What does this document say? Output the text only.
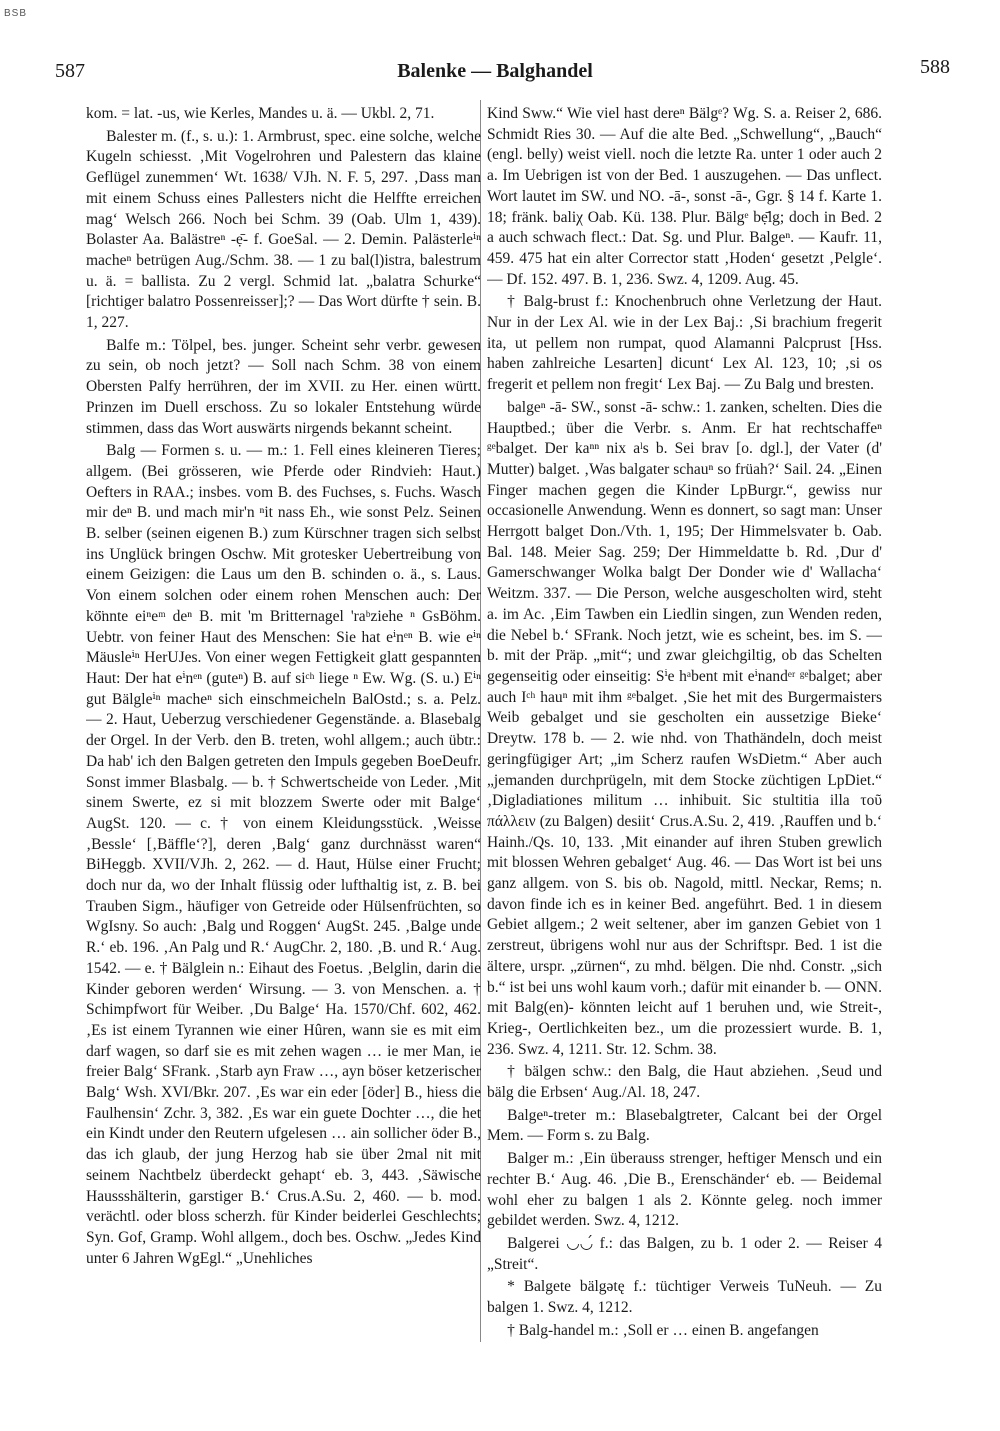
BSB
587	Balenke — Balghandel	588

kom. = lat. -us, wie Kerles, Mandes u. ä. — Ukbl. 2, 71.

Balester m. (f., s. u.): 1. Armbrust, spec. eine solche, welche Kugeln schiesst. ‚Mit Vogelrohren und Palestern das klaine Geflügel zunemmen‘ Wt. 1638/ VJh. N. F. 5, 297. ‚Dass man mit einem Schuss eines Pallesters nicht die Helffte erreichen mag‘ Welsch 266. Noch bei Schm. 39 (Oab. Ulm 1, 439). Bolaster Aa. Balästreⁿ -ẹ̄- f. GoeSal. — 2. Demin. Palästerleⁱⁿ macheⁿ betrügen Aug./Schm. 38. — 1 zu bal(l)istra, balestrum u. ä. = ballista. Zu 2 vergl. Schmid lat. „balatra Schurke“ [richtiger balatro Possenreisser];? — Das Wort dürfte † sein. B. 1, 227.

Balfe m.: Tölpel, bes. junger. Scheint sehr verbr. gewesen zu sein, ob noch jetzt? — Soll nach Schm. 38 von einem Obersten Palfy herrühren, der im XVII. zu Her. einen württ. Prinzen im Duell erschoss. Zu so lokaler Entstehung würde stimmen, dass das Wort auswärts nirgends bekannt scheint.

Balg — Formen s. u. — m.: 1. Fell eines kleineren Tieres; allgem. (Bei grösseren, wie Pferde oder Rindvieh: Haut.) Oefters in RAA.; insbes. vom B. des Fuchses, s. Fuchs. Wasch mir deⁿ B. und mach mir'n ⁿit nass Eh., wie sonst Pelz. Seinen B. selber (seinen eigenen B.) zum Kürschner tragen sich selbst ins Unglück bringen Oschw. Mit grotesker Uebertreibung von einem Geizigen: die Laus um den B. schinden o. ä., s. Laus. Von einem solchen oder einem rohen Menschen auch: Der kö̈nnte eiⁿeᵐ deⁿ B. mit 'm Britternagel 'raᵇziehe ⁿ GsBöhm. Uebtr. von feiner Haut des Menschen: Sie hat eⁱnᵉⁿ B. wie eⁱⁿ Mäusleⁱⁿ HerUJes. Von einer wegen Fettigkeit glatt gespannten Haut: Der hat eⁱnᵉⁿ (guteⁿ) B. auf siᶜʰ liege ⁿ Ew. Wg. (S. u.) Eⁱⁿ gut Bälgleⁱⁿ macheⁿ sich einschmeicheln BalOstd.; s. a. Pelz. — 2. Haut, Ueberzug verschiedener Gegenstände. a. Blasebalg der Orgel. In der Verb. den B. treten, wohl allgem.; auch übtr.: Da hab' ich den Balgen getreten den Impuls gegeben BoeDeufr. Sonst immer Blasbalg. — b. † Schwertscheide von Leder. ‚Mit sinem Swerte, ez si mit blozzem Swerte oder mit Balge‘ AugSt. 120. — c. † von einem Kleidungsstück. ‚Weisse ‚Bessle‘ [‚Bäffle‘?], deren ‚Balg‘ ganz durchnässt waren“ BiHeggb. XVII/VJh. 2, 262. — d. Haut, Hülse einer Frucht; doch nur da, wo der Inhalt flüssig oder lufthaltig ist, z. B. bei Trauben Sigm., häufiger von Getreide oder Hülsenfrüchten, so WgIsny. So auch: ‚Balg und Roggen‘ AugSt. 245. ‚Balge unde R.‘ eb. 196. ‚An Palg und R.‘ AugChr. 2, 180. ‚B. und R.‘ Aug. 1542. — e. † Bälglein n.: Eihaut des Foetus. ‚Belglin, darin die Kinder geboren werden‘ Wirsung. — 3. von Menschen. a. † Schimpfwort für Weiber. ‚Du Balge‘ Ha. 1570/Chf. 602, 462. ‚Es ist einem Tyrannen wie einer Hûren, wann sie es mit eim darf wagen, so darf sie es mit zehen wagen … ie mer Man, ie freier Balg‘ SFrank. ‚Starb ayn Fraw …, ayn böser ketzerischer Balg‘ Wsh. XVI/Bkr. 207. ‚Es war ein eder [öder] B., hiess die Faulhensin‘ Zchr. 3, 382. ‚Es war ein guete Dochter …, die het ein Kindt under den Reutern ufgelesen … ain sollicher öder B., das ich glaub, der jung Herzog hab sie über 2mal nit mit seinem Nachtbelz überdeckt gehapt‘ eb. 3, 443. ‚Säwische Haussshälterin, garstiger B.‘ Crus.A.Su. 2, 460. — b. mod. verächtl. oder bloss scherzh. für Kinder beiderlei Geschlechts; Syn. Gof, Gramp. Wohl allgem., doch bes. Oschw. „Jedes Kind unter 6 Jahren WgEgl.“ „Unehliches

Kind Sww.“ Wie viel hast dereⁿ Bälgᵉ? Wg. S. a. Reiser 2, 686. Schmidt Ries 30. — Auf die alte Bed. „Schwellung“, „Bauch“ (engl. belly) weist viell. noch die letzte Ra. unter 1 oder auch 2 a. Im Uebrigen ist von der Bed. 1 auszugehen. — Das unflect. Wort lautet im SW. und NO. -ā-, sonst -ā-, Ggr. § 14 f. Karte 1. 18; fränk. baliχ Oab. Kü. 138. Plur. Bälgᵉ bẹ̄lg; doch in Bed. 2 a auch schwach flect.: Dat. Sg. und Plur. Balgeⁿ. — Kaufr. 11, 459. 475 hat ein alter Corrector statt ‚Hoden‘ gesetzt ‚Pelgle‘. — Df. 152. 497. B. 1, 236. Swz. 4, 1209. Aug. 45.

† Balg-brust f.: Knochenbruch ohne Verletzung der Haut. Nur in der Lex Al. wie in der Lex Baj.: ‚Si brachium fregerit ita, ut pellem non rumpat, quod Alamanni Palcprust [Hss. haben zahlreiche Lesarten] dicunt‘ Lex Al. 123, 10; ‚si os fregerit et pellem non fregit‘ Lex Baj. — Zu Balg und bresten.

balgeⁿ -ā- SW., sonst -ā- schw.: 1. zanken, schelten. Dies die Hauptbed.; über die Verbr. s. Anm. Er hat rechtschaffeⁿ ᵍᵉbalget. Der kaⁿⁿ nix aˡs b. Sei brav [o. dgl.], der Vater (d' Mutter) balget. ‚Was balgater schauⁿ so früah?‘ Sail. 24. „Einen Finger machen gegen die Kinder LpBurgr.“, gewiss nur occasionelle Anwendung. Wenn es donnert, so sagt man: Unser Herrgott balget Don./Vth. 1, 195; Der Himmelsvater b. Oab. Bal. 148. Meier Sag. 259; Der Himmeldatte b. Rd. ‚Dur d' Gamerschwanger Wolka balgt Der Donder wie d' Wallacha‘ Weitzm. 337. — Die Person, welche ausgescholten wird, steht a. im Ac. ‚Eim Tawben ein Liedlin singen, zun Wenden reden, die Nebel b.‘ SFrank. Noch jetzt, wie es scheint, bes. im S. — b. mit der Präp. „mit“; und zwar gleichgiltig, ob das Schelten gegenseitig oder einseitig: Sⁱe hᵃbent mit eⁱnandᵉʳ ᵍᵉbalget; aber auch Iᶜʰ hauⁿ mit ihm ᵍᵉbalget. ‚Sie het mit des Burgermaisters Weib gebalget und sie gescholten ein aussetzige Bieke‘ Dreytw. 178 b. — 2. wie nhd. von Thathändeln, doch meist geringfügiger Art; „im Scherz raufen WsDietm.“ Aber auch „jemanden durchprügeln, mit dem Stocke züchtigen LpDiet.“ ‚Digladiationes militum … inhibuit. Sic stultitia illa τοῦ πάλλειν (zu Balgen) desiit‘ Crus.A.Su. 2, 419. ‚Rauffen und b.‘ Hainh./Qs. 10, 133. ‚Mit einander auf ihren Stuben grewlich mit blossen Wehren gebalget‘ Aug. 46. — Das Wort ist bei uns ganz allgem. von S. bis ob. Nagold, mittl. Neckar, Rems; n. davon finde ich es in keiner Bed. angeführt. Bed. 1 in diesem Gebiet allgem.; 2 weit seltener, aber im ganzen Gebiet von 1 zerstreut, übrigens wohl nur aus der Schriftspr. Bed. 1 ist die ältere, urspr. „zürnen“, zu mhd. bëlgen. Die nhd. Constr. „sich b.“ ist bei uns wohl kaum vorh.; dafür mit einander b. — ONN. mit Balg(en)- könnten leicht auf 1 beruhen und, wie Streit-, Krieg-, Oertlichkeiten bez., um die prozessiert wurde. B. 1, 236. Swz. 4, 1211. Str. 12. Schm. 38.

† bälgen schw.: den Balg, die Haut abziehen. ‚Seud und bälg die Erbsen‘ Aug./Al. 18, 247.

Balgeⁿ-treter m.: Blasebalgtreter, Calcant bei der Orgel Mem. — Form s. zu Balg.

Balger m.: ‚Ein überauss strenger, heftiger Mensch und ein rechter B.‘ Aug. 46. ‚Die B., Erenschänder‘ eb. — Beidemal wohl eher zu balgen 1 als 2. Könnte geleg. noch immer gebildet werden. Swz. 4, 1212.

Balgerei ◡◡́ f.: das Balgen, zu b. 1 oder 2. — Reiser 4 „Streit“.

* Balgete bälgətę f.: tüchtiger Verweis TuNeuh. — Zu balgen 1. Swz. 4, 1212.

† Balg-handel m.: ‚Soll er … einen B. angefangen
